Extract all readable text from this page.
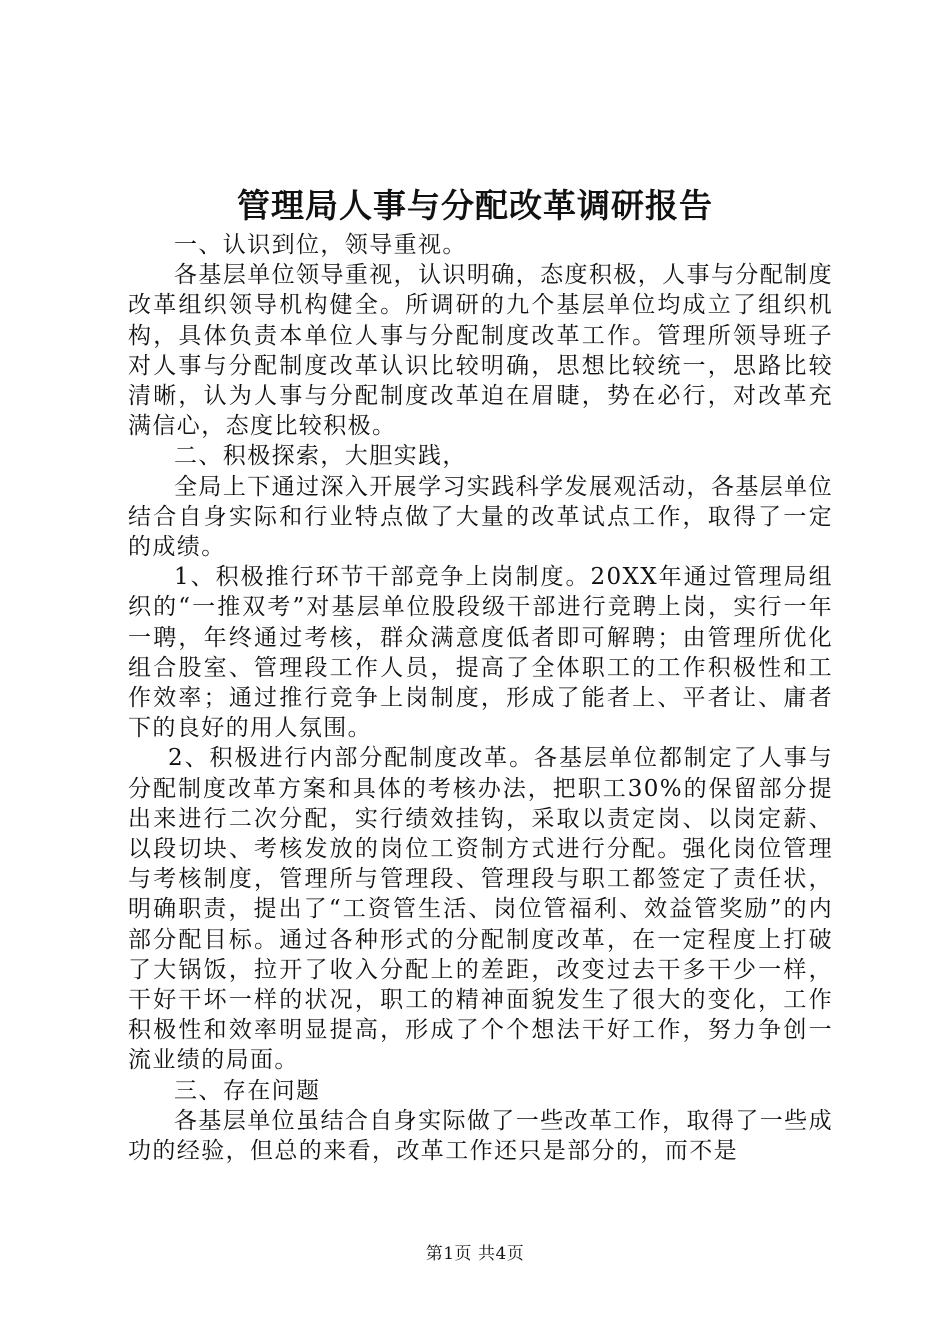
管理局人事与分配改革调研报告

一、认识到位，领导重视。

各基层单位领导重视，认识明确，态度积极，人事与分配制度改革组织领导机构健全。所调研的九个基层单位均成立了组织机构，具体负责本单位人事与分配制度改革工作。管理所领导班子对人事与分配制度改革认识比较明确，思想比较统一，思路比较清晰，认为人事与分配制度改革迫在眉睫，势在必行，对改革充满信心，态度比较积极。

二、积极探索，大胆实践，

全局上下通过深入开展学习实践科学发展观活动，各基层单位结合自身实际和行业特点做了大量的改革试点工作，取得了一定的成绩。

1、积极推行环节干部竞争上岗制度。20XX年通过管理局组织的“一推双考”对基层单位股段级干部进行竞聘上岗，实行一年一聘，年终通过考核，群众满意度低者即可解聘；由管理所优化组合股室、管理段工作人员，提高了全体职工的工作积极性和工作效率；通过推行竞争上岗制度，形成了能者上、平者让、庸者下的良好的用人氛围。

2、积极进行内部分配制度改革。各基层单位都制定了人事与分配制度改革方案和具体的考核办法，把职工30%的保留部分提出来进行二次分配，实行绩效挂钩，采取以责定岗、以岗定薪、以段切块、考核发放的岗位工资制方式进行分配。强化岗位管理与考核制度，管理所与管理段、管理段与职工都签定了责任状，明确职责，提出了“工资管生活、岗位管福利、效益管奖励”的内部分配目标。通过各种形式的分配制度改革，在一定程度上打破了大锅饭，拉开了收入分配上的差距，改变过去干多干少一样，干好干坏一样的状况，职工的精神面貌发生了很大的变化，工作积极性和效率明显提高，形成了个个想法干好工作，努力争创一流业绩的局面。

三、存在问题

各基层单位虽结合自身实际做了一些改革工作，取得了一些成功的经验，但总的来看，改革工作还只是部分的，而不是

第1页 共4页
